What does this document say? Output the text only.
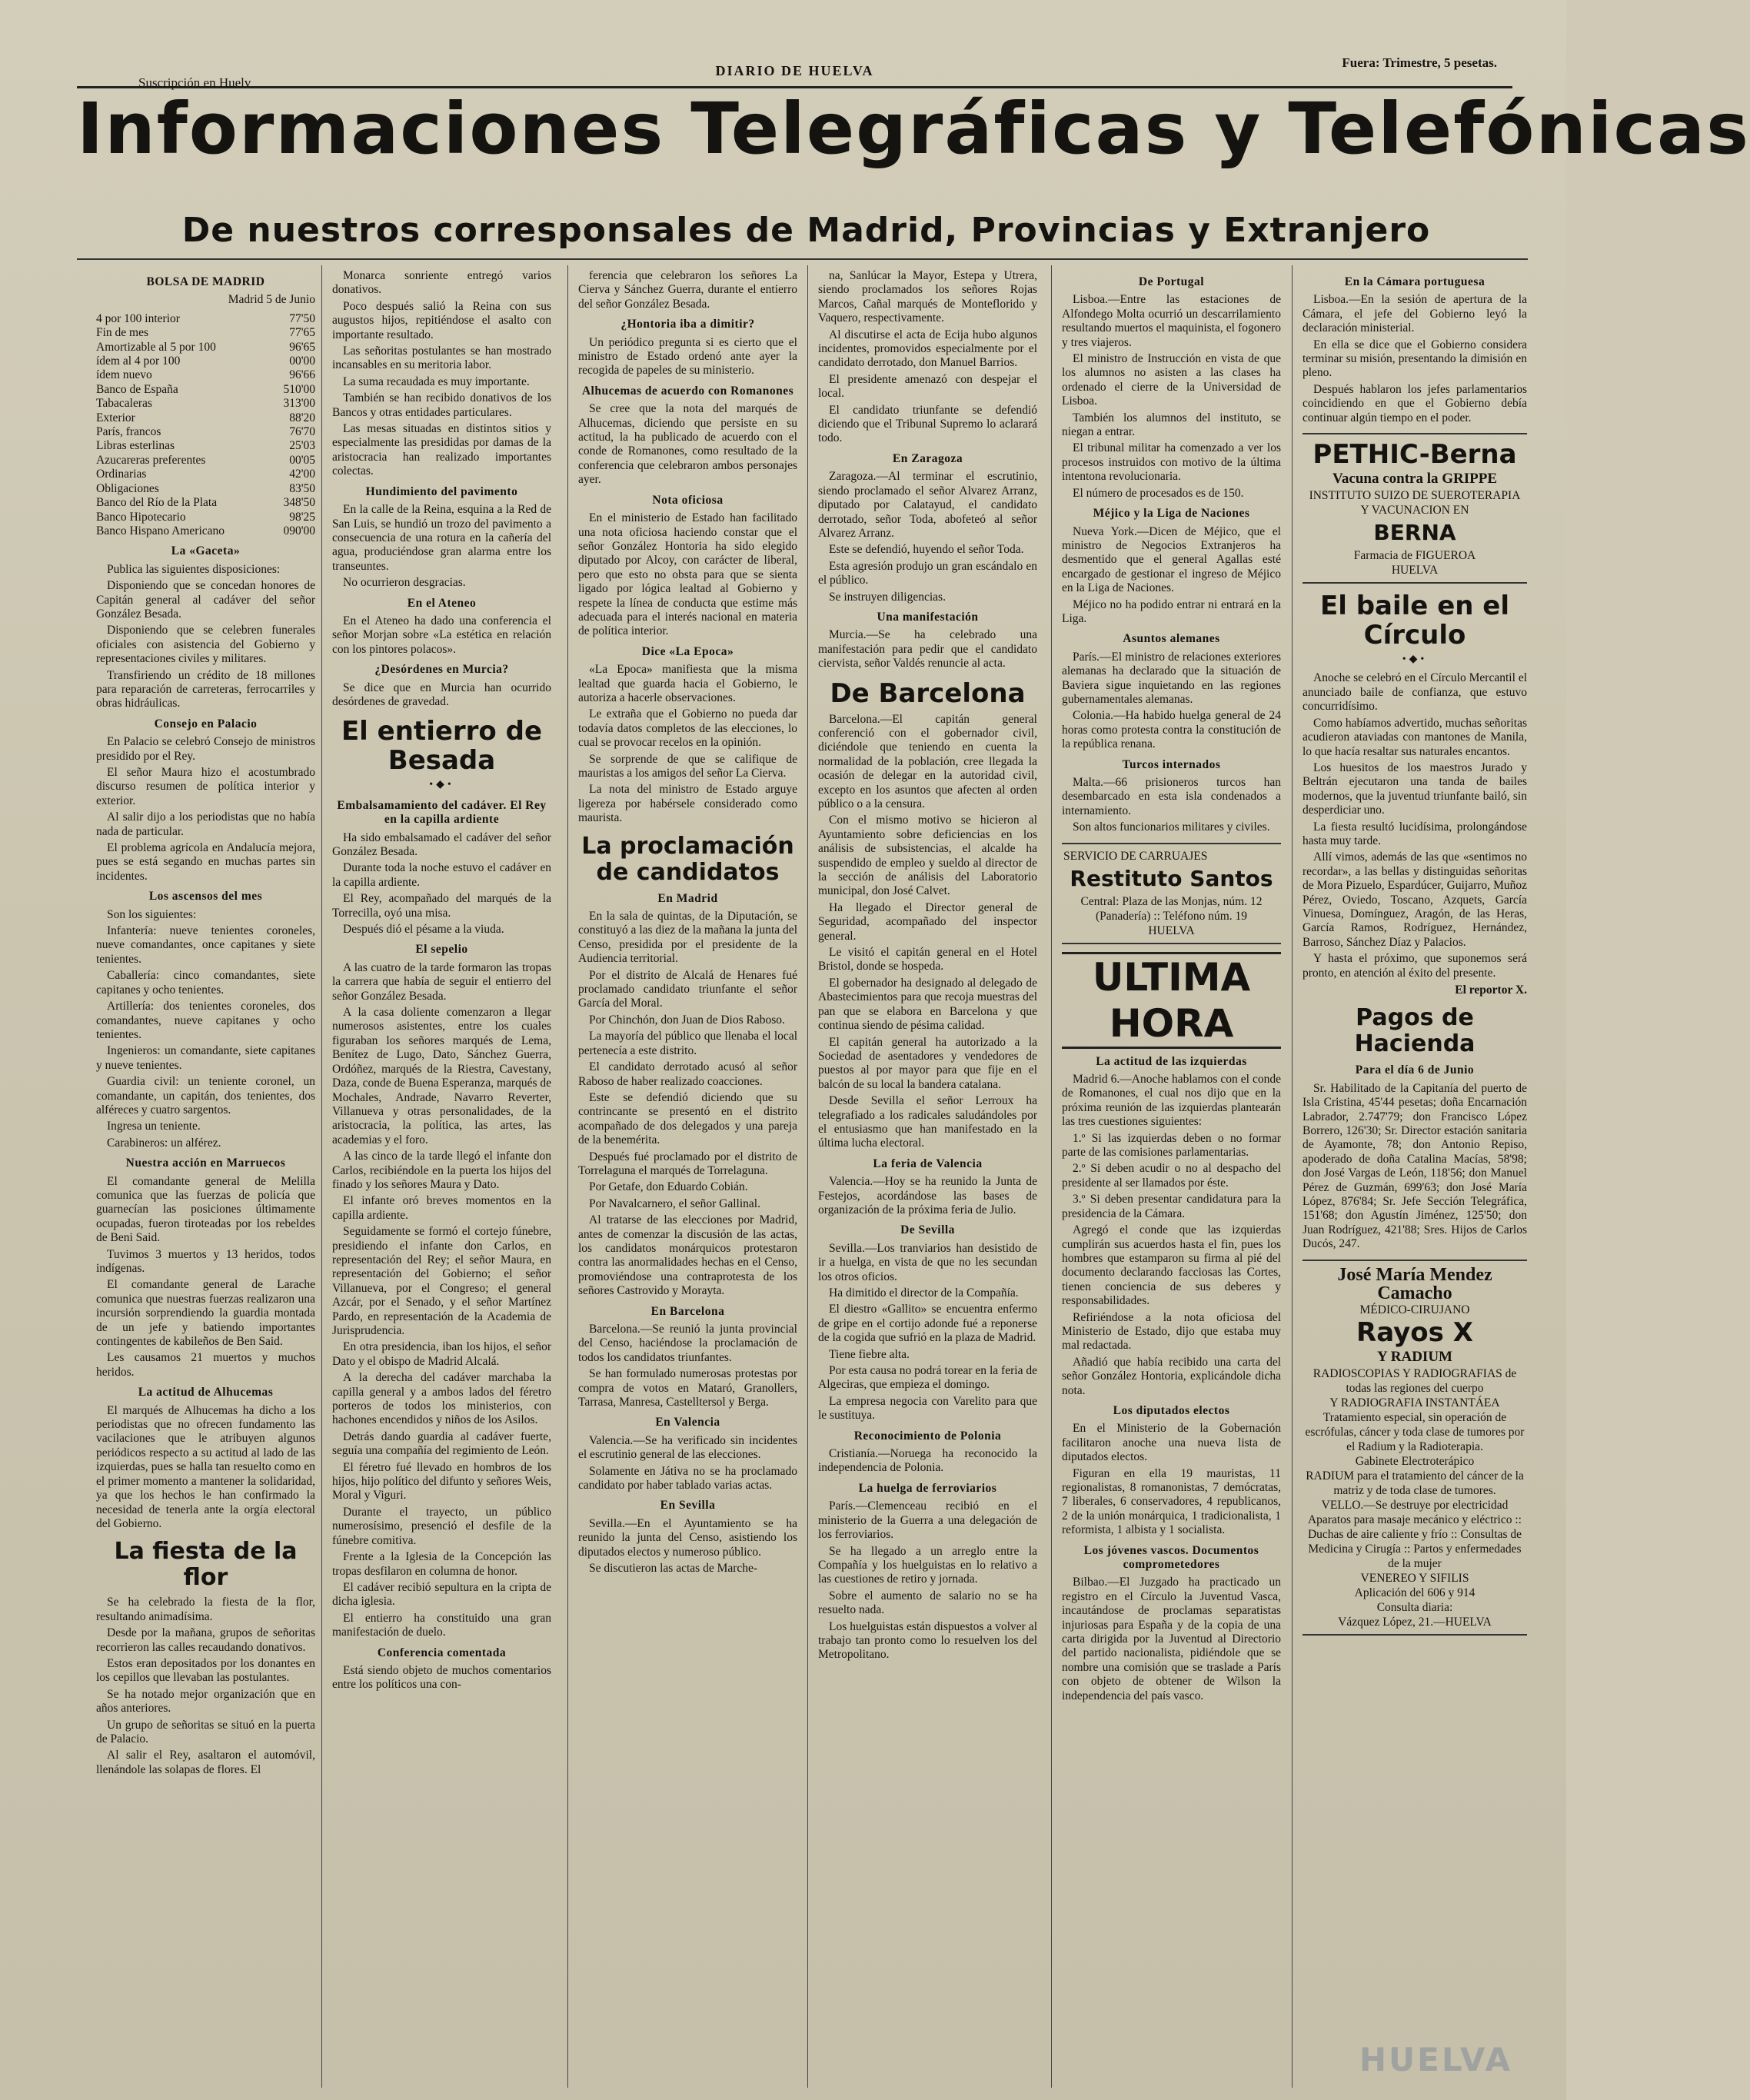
Suscripción en Huelv
DIARIO DE HUELVA
Fuera: Trimestre, 5 pesetas.
Informaciones Telegráficas y Telefónicas
De nuestros corresponsales de Madrid, Provincias y Extranjero
BOLSA DE MADRID
Madrid 5 de Junio
4 por 100 interior	77'50
Fin de mes	77'65
Amortizable al 5 por 100	96'65
ídem al 4 por 100	00'00
ídem nuevo	96'66
Banco de España	510'00
Tabacaleras	313'00
Exterior	88'20
París, francos	76'70
Libras esterlinas	25'03
Azucareras preferentes	00'05
Ordinarias	42'00
Obligaciones	83'50
Banco del Río de la Plata	348'50
Banco Hipotecario	98'25
Banco Hispano Americano	090'00
La «Gaceta»

Publica las siguientes disposiciones:

Disponiendo que se concedan honores de Capitán general al cadáver del señor González Besada.

Disponiendo que se celebren funerales oficiales con asistencia del Gobierno y representaciones civiles y militares.

Transfiriendo un crédito de 18 millones para reparación de carreteras, ferrocarriles y obras hidráulicas.

Consejo en Palacio

En Palacio se celebró Consejo de ministros presidido por el Rey.

El señor Maura hizo el acostumbrado discurso resumen de política interior y exterior.

Al salir dijo a los periodistas que no había nada de particular.

El problema agrícola en Andalucía mejora, pues se está segando en muchas partes sin incidentes.

Los ascensos del mes

Son los siguientes:

Infantería: nueve tenientes coroneles, nueve comandantes, once capitanes y siete tenientes.

Caballería: cinco comandantes, siete capitanes y ocho tenientes.

Artillería: dos tenientes coroneles, dos comandantes, nueve capitanes y ocho tenientes.

Ingenieros: un comandante, siete capitanes y nueve tenientes.

Guardia civil: un teniente coronel, un comandante, un capitán, dos tenientes, dos alféreces y cuatro sargentos.

Ingresa un teniente.

Carabineros: un alférez.

Nuestra acción en Marruecos

El comandante general de Melilla comunica que las fuerzas de policía que guarnecían las posiciones últimamente ocupadas, fueron tiroteadas por los rebeldes de Beni Said.

Tuvimos 3 muertos y 13 heridos, todos indígenas.

El comandante general de Larache comunica que nuestras fuerzas realizaron una incursión sorprendiendo la guardia montada de un jefe y batiendo importantes contingentes de kabileños de Ben Said.

Les causamos 21 muertos y muchos heridos.

La actitud de Alhucemas

El marqués de Alhucemas ha dicho a los periodistas que no ofrecen fundamento las vacilaciones que le atribuyen algunos periódicos respecto a su actitud al lado de las izquierdas, pues se halla tan resuelto como en el primer momento a mantener la solidaridad, ya que los hechos le han confirmado la necesidad de tenerla ante la orgía electoral del Gobierno.

La fiesta de la flor

Se ha celebrado la fiesta de la flor, resultando animadísima.

Desde por la mañana, grupos de señoritas recorrieron las calles recaudando donativos.

Estos eran depositados por los donantes en los cepillos que llevaban las postulantes.

Se ha notado mejor organización que en años anteriores.

Un grupo de señoritas se situó en la puerta de Palacio.

Al salir el Rey, asaltaron el automóvil, llenándole las solapas de flores. El

Monarca sonriente entregó varios donativos.

Poco después salió la Reina con sus augustos hijos, repitiéndose el asalto con importante resultado.

Las señoritas postulantes se han mostrado incansables en su meritoria labor.

La suma recaudada es muy importante.

También se han recibido donativos de los Bancos y otras entidades particulares.

Las mesas situadas en distintos sitios y especialmente las presididas por damas de la aristocracia han realizado importantes colectas.

Hundimiento del pavimento

En la calle de la Reina, esquina a la Red de San Luis, se hundió un trozo del pavimento a consecuencia de una rotura en la cañería del agua, produciéndose gran alarma entre los transeuntes.

No ocurrieron desgracias.

En el Ateneo

En el Ateneo ha dado una conferencia el señor Morjan sobre «La estética en relación con los pintores polacos».

¿Desórdenes en Murcia?

Se dice que en Murcia han ocurrido desórdenes de gravedad.

El entierro de Besada
•◆•
Embalsamamiento del cadáver. El Rey en la capilla ardiente

Ha sido embalsamado el cadáver del señor González Besada.

Durante toda la noche estuvo el cadáver en la capilla ardiente.

El Rey, acompañado del marqués de la Torrecilla, oyó una misa.

Después dió el pésame a la viuda.

El sepelio

A las cuatro de la tarde formaron las tropas la carrera que había de seguir el entierro del señor González Besada.

A la casa doliente comenzaron a llegar numerosos asistentes, entre los cuales figuraban los señores marqués de Lema, Benítez de Lugo, Dato, Sánchez Guerra, Ordóñez, marqués de la Riestra, Cavestany, Daza, conde de Buena Esperanza, marqués de Mochales, Andrade, Navarro Reverter, Villanueva y otras personalidades, de la aristocracia, la política, las artes, las academias y el foro.

A las cinco de la tarde llegó el infante don Carlos, recibiéndole en la puerta los hijos del finado y los señores Maura y Dato.

El infante oró breves momentos en la capilla ardiente.

Seguidamente se formó el cortejo fúnebre, presidiendo el infante don Carlos, en representación del Rey; el señor Maura, en representación del Gobierno; el señor Villanueva, por el Congreso; el general Azcár, por el Senado, y el señor Martínez Pardo, en representación de la Academia de Jurisprudencia.

En otra presidencia, iban los hijos, el señor Dato y el obispo de Madrid Alcalá.

A la derecha del cadáver marchaba la capilla general y a ambos lados del féretro porteros de todos los ministerios, con hachones encendidos y niños de los Asilos.

Detrás dando guardia al cadáver fuerte, seguía una compañía del regimiento de León.

El féretro fué llevado en hombros de los hijos, hijo político del difunto y señores Weis, Moral y Viguri.

Durante el trayecto, un público numerosísimo, presenció el desfile de la fúnebre comitiva.

Frente a la Iglesia de la Concepción las tropas desfilaron en columna de honor.

El cadáver recibió sepultura en la cripta de dicha iglesia.

El entierro ha constituido una gran manifestación de duelo.

Conferencia comentada

Está siendo objeto de muchos comentarios entre los políticos una con-

ferencia que celebraron los señores La Cierva y Sánchez Guerra, durante el entierro del señor González Besada.

¿Hontoria iba a dimitir?

Un periódico pregunta si es cierto que el ministro de Estado ordenó ante ayer la recogida de papeles de su ministerio.

Alhucemas de acuerdo con Romanones

Se cree que la nota del marqués de Alhucemas, diciendo que persiste en su actitud, la ha publicado de acuerdo con el conde de Romanones, como resultado de la conferencia que celebraron ambos personajes ayer.

Nota oficiosa

En el ministerio de Estado han facilitado una nota oficiosa haciendo constar que el señor González Hontoria ha sido elegido diputado por Alcoy, con carácter de liberal, pero que esto no obsta para que se sienta ligado por lógica lealtad al Gobierno y respete la línea de conducta que estime más adecuada para el interés nacional en materia de política interior.

Dice «La Epoca»

«La Epoca» manifiesta que la misma lealtad que guarda hacia el Gobierno, le autoriza a hacerle observaciones.

Le extraña que el Gobierno no pueda dar todavía datos completos de las elecciones, lo cual se provocar recelos en la opinión.

Se sorprende de que se califique de mauristas a los amigos del señor La Cierva.

La nota del ministro de Estado arguye ligereza por habérsele considerado como maurista.

La proclamación de candidatos
En Madrid

En la sala de quintas, de la Diputación, se constituyó a las diez de la mañana la junta del Censo, presidida por el presidente de la Audiencia territorial.

Por el distrito de Alcalá de Henares fué proclamado candidato triunfante el señor García del Moral.

Por Chinchón, don Juan de Dios Raboso.

La mayoría del público que llenaba el local pertenecía a este distrito.

El candidato derrotado acusó al señor Raboso de haber realizado coacciones.

Este se defendió diciendo que su contrincante se presentó en el distrito acompañado de dos delegados y una pareja de la benemérita.

Después fué proclamado por el distrito de Torrelaguna el marqués de Torrelaguna.

Por Getafe, don Eduardo Cobián.

Por Navalcarnero, el señor Gallinal.

Al tratarse de las elecciones por Madrid, antes de comenzar la discusión de las actas, los candidatos monárquicos protestaron contra las anormalidades hechas en el Censo, promoviéndose una contraprotesta de los señores Castrovido y Morayta.

En Barcelona

Barcelona.—Se reunió la junta provincial del Censo, haciéndose la proclamación de todos los candidatos triunfantes.

Se han formulado numerosas protestas por compra de votos en Mataró, Granollers, Tarrasa, Manresa, Castelltersol y Berga.

En Valencia

Valencia.—Se ha verificado sin incidentes el escrutinio general de las elecciones.

Solamente en Játiva no se ha proclamado candidato por haber tablado varias actas.

En Sevilla

Sevilla.—En el Ayuntamiento se ha reunido la junta del Censo, asistiendo los diputados electos y numeroso público.

Se discutieron las actas de Marche-

na, Sanlúcar la Mayor, Estepa y Utrera, siendo proclamados los señores Rojas Marcos, Cañal marqués de Monteflorido y Vaquero, respectivamente.

Al discutirse el acta de Ecija hubo algunos incidentes, promovidos especialmente por el candidato derrotado, don Manuel Barrios.

El presidente amenazó con despejar el local.

El candidato triunfante se defendió diciendo que el Tribunal Supremo lo aclarará todo.

En Zaragoza

Zaragoza.—Al terminar el escrutinio, siendo proclamado el señor Alvarez Arranz, diputado por Calatayud, el candidato derrotado, señor Toda, abofeteó al señor Alvarez Arranz.

Este se defendió, huyendo el señor Toda.

Esta agresión produjo un gran escándalo en el público.

Se instruyen diligencias.

Una manifestación

Murcia.—Se ha celebrado una manifestación para pedir que el candidato ciervista, señor Valdés renuncie al acta.

De Barcelona

Barcelona.—El capitán general conferenció con el gobernador civil, diciéndole que teniendo en cuenta la normalidad de la población, cree llegada la ocasión de delegar en la autoridad civil, excepto en los asuntos que afecten al orden público o a la censura.

Con el mismo motivo se hicieron al Ayuntamiento sobre deficiencias en los análisis de subsistencias, el alcalde ha suspendido de empleo y sueldo al director de la sección de análisis del Laboratorio municipal, don José Calvet.

Ha llegado el Director general de Seguridad, acompañado del inspector general.

Le visitó el capitán general en el Hotel Bristol, donde se hospeda.

El gobernador ha designado al delegado de Abastecimientos para que recoja muestras del pan que se elabora en Barcelona y que continua siendo de pésima calidad.

El capitán general ha autorizado a la Sociedad de asentadores y vendedores de puestos al por mayor para que fije en el balcón de su local la bandera catalana.

Desde Sevilla el señor Lerroux ha telegrafiado a los radicales saludándoles por el entusiasmo que han manifestado en la última lucha electoral.

La feria de Valencia

Valencia.—Hoy se ha reunido la Junta de Festejos, acordándose las bases de organización de la próxima feria de Julio.

De Sevilla

Sevilla.—Los tranviarios han desistido de ir a huelga, en vista de que no les secundan los otros oficios.

Ha dimitido el director de la Compañía.

El diestro «Gallito» se encuentra enfermo de gripe en el cortijo adonde fué a reponerse de la cogida que sufrió en la plaza de Madrid.

Tiene fiebre alta.

Por esta causa no podrá torear en la feria de Algeciras, que empieza el domingo.

La empresa negocia con Varelito para que le sustituya.

Reconocimiento de Polonia

Cristianía.—Noruega ha reconocido la independencia de Polonia.

La huelga de ferroviarios

París.—Clemenceau recibió en el ministerio de la Guerra a una delegación de los ferroviarios.

Se ha llegado a un arreglo entre la Compañía y los huelguistas en lo relativo a las cuestiones de retiro y jornada.

Sobre el aumento de salario no se ha resuelto nada.

Los huelguistas están dispuestos a volver al trabajo tan pronto como lo resuelven los del Metropolitano.

De Portugal

Lisboa.—Entre las estaciones de Alfondego Molta ocurrió un descarrilamiento resultando muertos el maquinista, el fogonero y tres viajeros.

El ministro de Instrucción en vista de que los alumnos no asisten a las clases ha ordenado el cierre de la Universidad de Lisboa.

También los alumnos del instituto, se niegan a entrar.

El tribunal militar ha comenzado a ver los procesos instruidos con motivo de la última intentona revolucionaria.

El número de procesados es de 150.

Méjico y la Liga de Naciones

Nueva York.—Dicen de Méjico, que el ministro de Negocios Extranjeros ha desmentido que el general Agallas esté encargado de gestionar el ingreso de Méjico en la Liga de Naciones.

Méjico no ha podido entrar ni entrará en la Liga.

Asuntos alemanes

París.—El ministro de relaciones exteriores alemanas ha declarado que la situación de Baviera sigue inquietando en las regiones gubernamentales alemanas.

Colonia.—Ha habido huelga general de 24 horas como protesta contra la constitución de la república renana.

Turcos internados

Malta.—66 prisioneros turcos han desembarcado en esta isla condenados a internamiento.

Son altos funcionarios militares y civiles.

SERVICIO DE CARRUAJES
Restituto Santos
Central: Plaza de las Monjas, núm. 12 (Panadería) :: Teléfono núm. 19
HUELVA
ULTIMA HORA
La actitud de las izquierdas

Madrid 6.—Anoche hablamos con el conde de Romanones, el cual nos dijo que en la próxima reunión de las izquierdas plantearán las tres cuestiones siguientes:

1.º Si las izquierdas deben o no formar parte de las comisiones parlamentarias.

2.º Si deben acudir o no al despacho del presidente al ser llamados por éste.

3.º Si deben presentar candidatura para la presidencia de la Cámara.

Agregó el conde que las izquierdas cumplirán sus acuerdos hasta el fin, pues los hombres que estamparon su firma al pié del documento declarando facciosas las Cortes, tienen conciencia de sus deberes y responsabilidades.

Refiriéndose a la nota oficiosa del Ministerio de Estado, dijo que estaba muy mal redactada.

Añadió que había recibido una carta del señor González Hontoria, explicándole dicha nota.

Los diputados electos

En el Ministerio de la Gobernación facilitaron anoche una nueva lista de diputados electos.

Figuran en ella 19 mauristas, 11 regionalistas, 8 romanonistas, 7 demócratas, 7 liberales, 6 conservadores, 4 republicanos, 2 de la unión monárquica, 1 tradicionalista, 1 reformista, 1 albista y 1 socialista.

Los jóvenes vascos. Documentos comprometedores

Bilbao.—El Juzgado ha practicado un registro en el Círculo la Juventud Vasca, incautándose de proclamas separatistas injuriosas para España y de la copia de una carta dirigida por la Juventud al Directorio del partido nacionalista, pidiéndole que se nombre una comisión que se traslade a París con objeto de obtener de Wilson la independencia del país vasco.

En la Cámara portuguesa

Lisboa.—En la sesión de apertura de la Cámara, el jefe del Gobierno leyó la declaración ministerial.

En ella se dice que el Gobierno considera terminar su misión, presentando la dimisión en pleno.

Después hablaron los jefes parlamentarios coincidiendo en que el Gobierno debía continuar algún tiempo en el poder.

PETHIC-Berna
Vacuna contra la GRIPPE
INSTITUTO SUIZO DE SUEROTERAPIA Y VACUNACION EN
BERNA
Farmacia de FIGUEROA
HUELVA
El baile en el Círculo
•◆•

Anoche se celebró en el Círculo Mercantil el anunciado baile de confianza, que estuvo concurridísimo.

Como habíamos advertido, muchas señoritas acudieron ataviadas con mantones de Manila, lo que hacía resaltar sus naturales encantos.

Los huesitos de los maestros Jurado y Beltrán ejecutaron una tanda de bailes modernos, que la juventud triunfante bailó, sin desperdiciar uno.

La fiesta resultó lucidísima, prolongándose hasta muy tarde.

Allí vimos, además de las que «sentimos no recordar», a las bellas y distinguidas señoritas de Mora Pizuelo, Espardúcer, Guijarro, Muñoz Pérez, Oviedo, Toscano, Azquets, García Vinuesa, Domínguez, Aragón, de las Heras, García Ramos, Rodríguez, Hernández, Barroso, Sánchez Díaz y Palacios.

Y hasta el próximo, que suponemos será pronto, en atención al éxito del presente.

El reportor X.
Pagos de Hacienda
Para el día 6 de Junio

Sr. Habilitado de la Capitanía del puerto de Isla Cristina, 45'44 pesetas; doña Encarnación Labrador, 2.747'79; don Francisco López Borrero, 126'30; Sr. Director estación sanitaria de Ayamonte, 78; don Antonio Repiso, apoderado de doña Catalina Macías, 58'98; don José Vargas de León, 118'56; don Manuel Pérez de Guzmán, 699'63; don José María López, 876'84; Sr. Jefe Sección Telegráfica, 151'68; don Agustín Jiménez, 125'50; don Juan Rodríguez, 421'88; Sres. Hijos de Carlos Ducós, 247.

José María Mendez Camacho
MÉDICO-CIRUJANO
Rayos X
Y RADIUM
RADIOSCOPIAS Y RADIOGRAFIAS de todas las regiones del cuerpo
Y RADIOGRAFIA INSTANTÁEA
Tratamiento especial, sin operación de escrófulas, cáncer y toda clase de tumores por el Radium y la Radioterapia.
Gabinete Electroterápico
RADIUM para el tratamiento del cáncer de la matriz y de toda clase de tumores.
VELLO.—Se destruye por electricidad
Aparatos para masaje mecánico y eléctrico :: Duchas de aire caliente y frío :: Consultas de Medicina y Cirugía :: Partos y enfermedades de la mujer
VENEREO Y SIFILIS
Aplicación del 606 y 914
Consulta diaria:
Vázquez López, 21.—HUELVA
HUELVA
